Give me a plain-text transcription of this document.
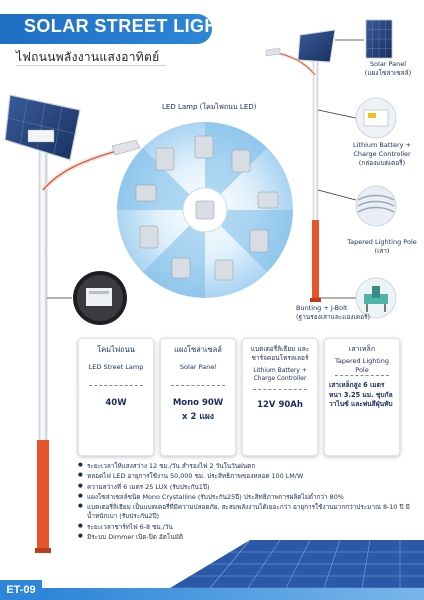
SOLAR STREET LIGHT
ไฟถนนพลังงานแสงอาทิตย์
LED Lamp (โคมไฟถนน LED)
Solar Panel
(แผงโซล่าเซลล์)
Lithium Battery +
Charge Controller
(กล่องแบตเตอรี่)
Tapered Lighting Pole
(เสา)
Bunting + J-Bolt
(ฐานรองเสาและแองเคอร์)
โคมไฟถนน
LED Street Lamp
40W
แผงโซล่าเซลล์
Solar Panel
Mono 90W
x 2 แผง
แบตเตอรี่ลิเธียม และชาร์จคอนโทรลเลอร์
Lithium Battery + Charge Controller
12V 90Ah
เสาเหล็ก
Tapered Lighting Pole
เสาเหล็กสูง 6 เมตร หนา 3.25 มม. ชุบกัลวาไนซ์ และพ่นสีฝุ่นทับ
● ระยะเวลาให้แสงสว่าง 12 ชม./วัน สำรองไฟ 2 วันในวันฝนตก
● หลอดไฟ LED อายุการใช้งาน 50,000 ชม. ประสิทธิภาพของหลอด 100 LM/W
● ความสว่างที่ 6 เมตร 25 LUX (รับประกัน1ปี)
● แผงโซล่าเซลล์ชนิด Mono Crystalline (รับประกัน25ปี) ประสิทธิภาพการผลิตไม่ต่ำกว่า 80%
● แบตเตอรี่ลิเธียม เป็นแบตเตอรี่ที่มีความปลอดภัย, สะสมพลังงานได้เยอะกว่า อายุการใช้งานมากกว่าประมาณ 8-10 ปี มีน้ำหนักเบา (รับประกัน2ปี)
● ระยะเวลาชาร์ทไฟ 6-8 ชม./วัน
● มีระบบ Dimmer เปิด-ปิด อัตโนมัติ
ET-09
